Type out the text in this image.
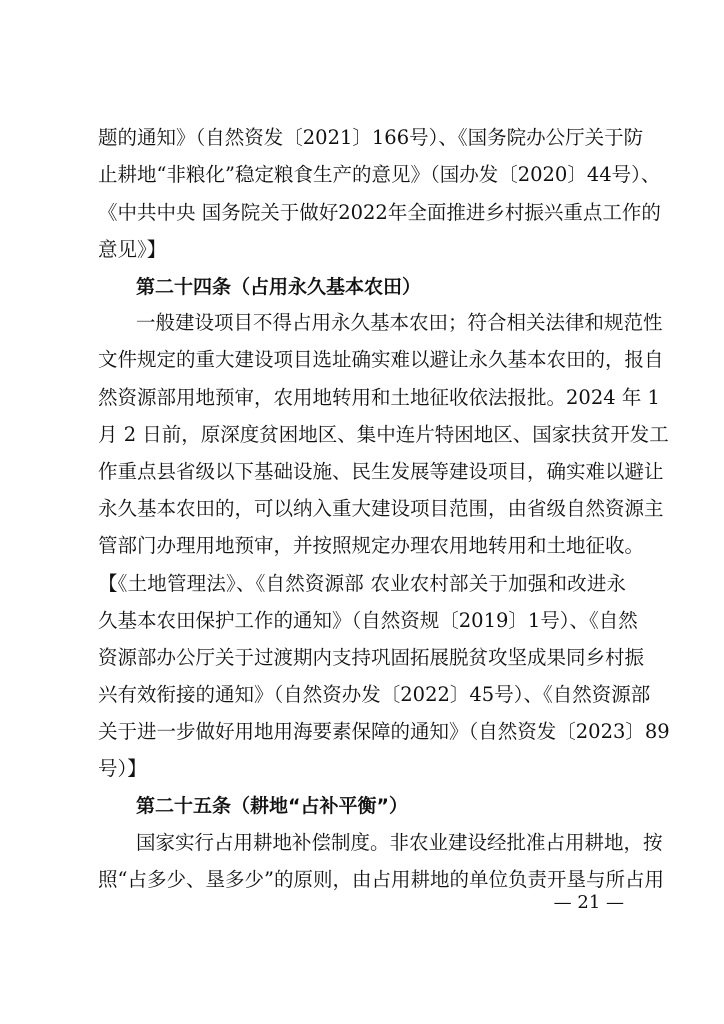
题的通知》（自然资发〔2021〕166号）、《国务院办公厅关于防
止耕地“非粮化”稳定粮食生产的意见》（国办发〔2020〕44号）、
《中共中央 国务院关于做好2022年全面推进乡村振兴重点工作的
意见》】
第二十四条（占用永久基本农田）
一般建设项目不得占用永久基本农田；符合相关法律和规范性
文件规定的重大建设项目选址确实难以避让永久基本农田的，报自
然资源部用地预审，农用地转用和土地征收依法报批。2024 年 1
月 2 日前，原深度贫困地区、集中连片特困地区、国家扶贫开发工
作重点县省级以下基础设施、民生发展等建设项目，确实难以避让
永久基本农田的，可以纳入重大建设项目范围，由省级自然资源主
管部门办理用地预审，并按照规定办理农用地转用和土地征收。
【《土地管理法》、《自然资源部 农业农村部关于加强和改进永
久基本农田保护工作的通知》（自然资规〔2019〕1号）、《自然
资源部办公厅关于过渡期内支持巩固拓展脱贫攻坚成果同乡村振
兴有效衔接的通知》（自然资办发〔2022〕45号）、《自然资源部
关于进一步做好用地用海要素保障的通知》（自然资发〔2023〕89
号）】
第二十五条（耕地“占补平衡”）
国家实行占用耕地补偿制度。非农业建设经批准占用耕地，按
照“占多少、垦多少”的原则，由占用耕地的单位负责开垦与所占用
— 21 —
